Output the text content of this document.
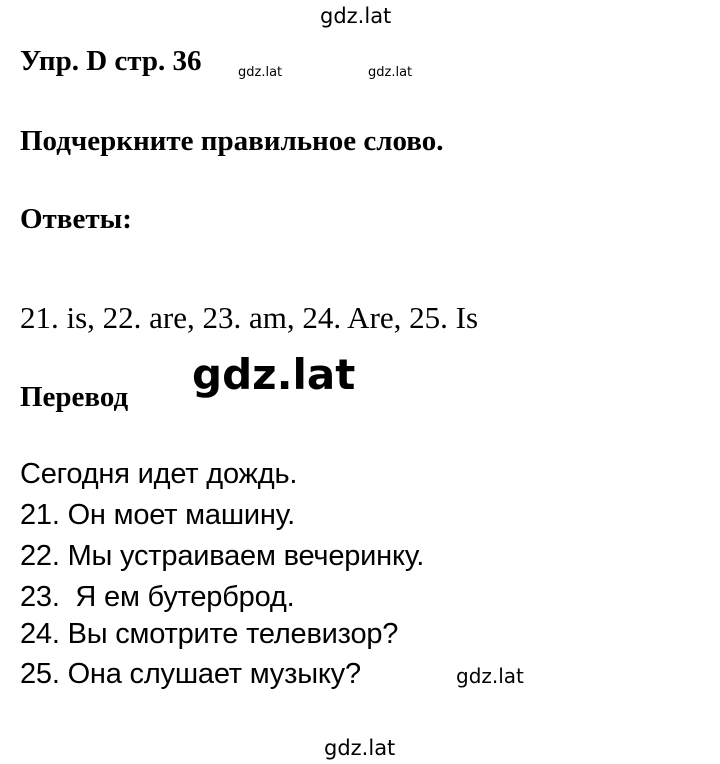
gdz.lat
Упр. D стр. 36	gdz.lat	gdz.lat
Подчеркните правильное слово.
Ответы:
21. is, 22. are, 23. am, 24. Are, 25. Is
Перевод gdz.lat
Сегодня идет дождь.
21. Он моет машину.
22. Мы устраиваем вечеринку.
23.  Я ем бутерброд.
24. Вы смотрите телевизор?
25. Она слушает музыку?	gdz.lat
gdz.lat
